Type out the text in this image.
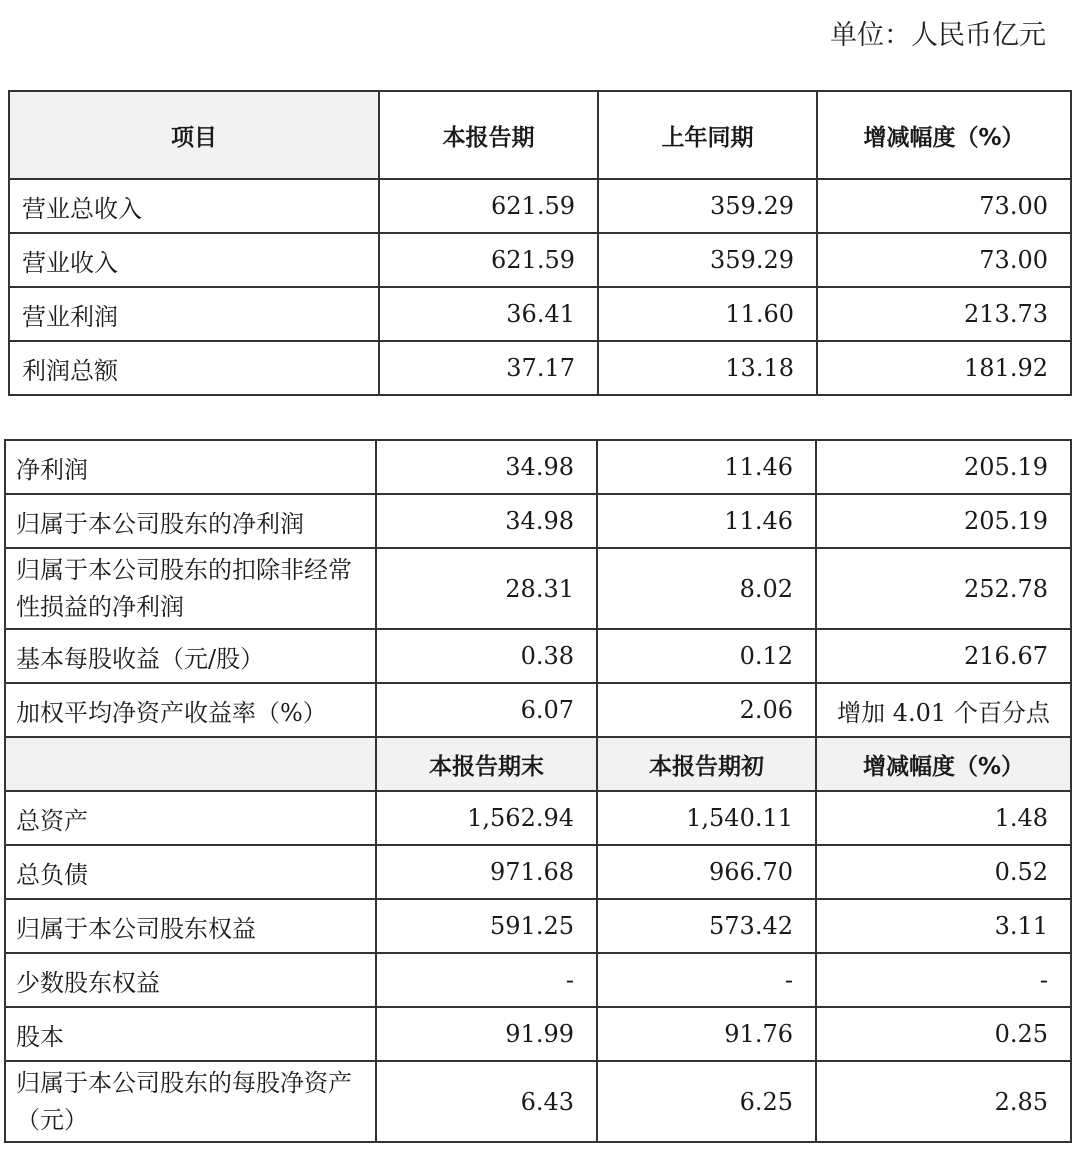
单位：人民币亿元
项目	本报告期	上年同期	增减幅度（%）
营业总收入	621.59	359.29	73.00
营业收入	621.59	359.29	73.00
营业利润	36.41	11.60	213.73
利润总额	37.17	13.18	181.92
净利润	34.98	11.46	205.19
归属于本公司股东的净利润	34.98	11.46	205.19
归属于本公司股东的扣除非经常性损益的净利润	28.31	8.02	252.78
基本每股收益（元/股）	0.38	0.12	216.67
加权平均净资产收益率（%）	6.07	2.06	增加 4.01 个百分点
	本报告期末	本报告期初	增减幅度（%）
总资产	1,562.94	1,540.11	1.48
总负债	971.68	966.70	0.52
归属于本公司股东权益	591.25	573.42	3.11
少数股东权益	-	-	-
股本	91.99	91.76	0.25
归属于本公司股东的每股净资产（元）	6.43	6.25	2.85
